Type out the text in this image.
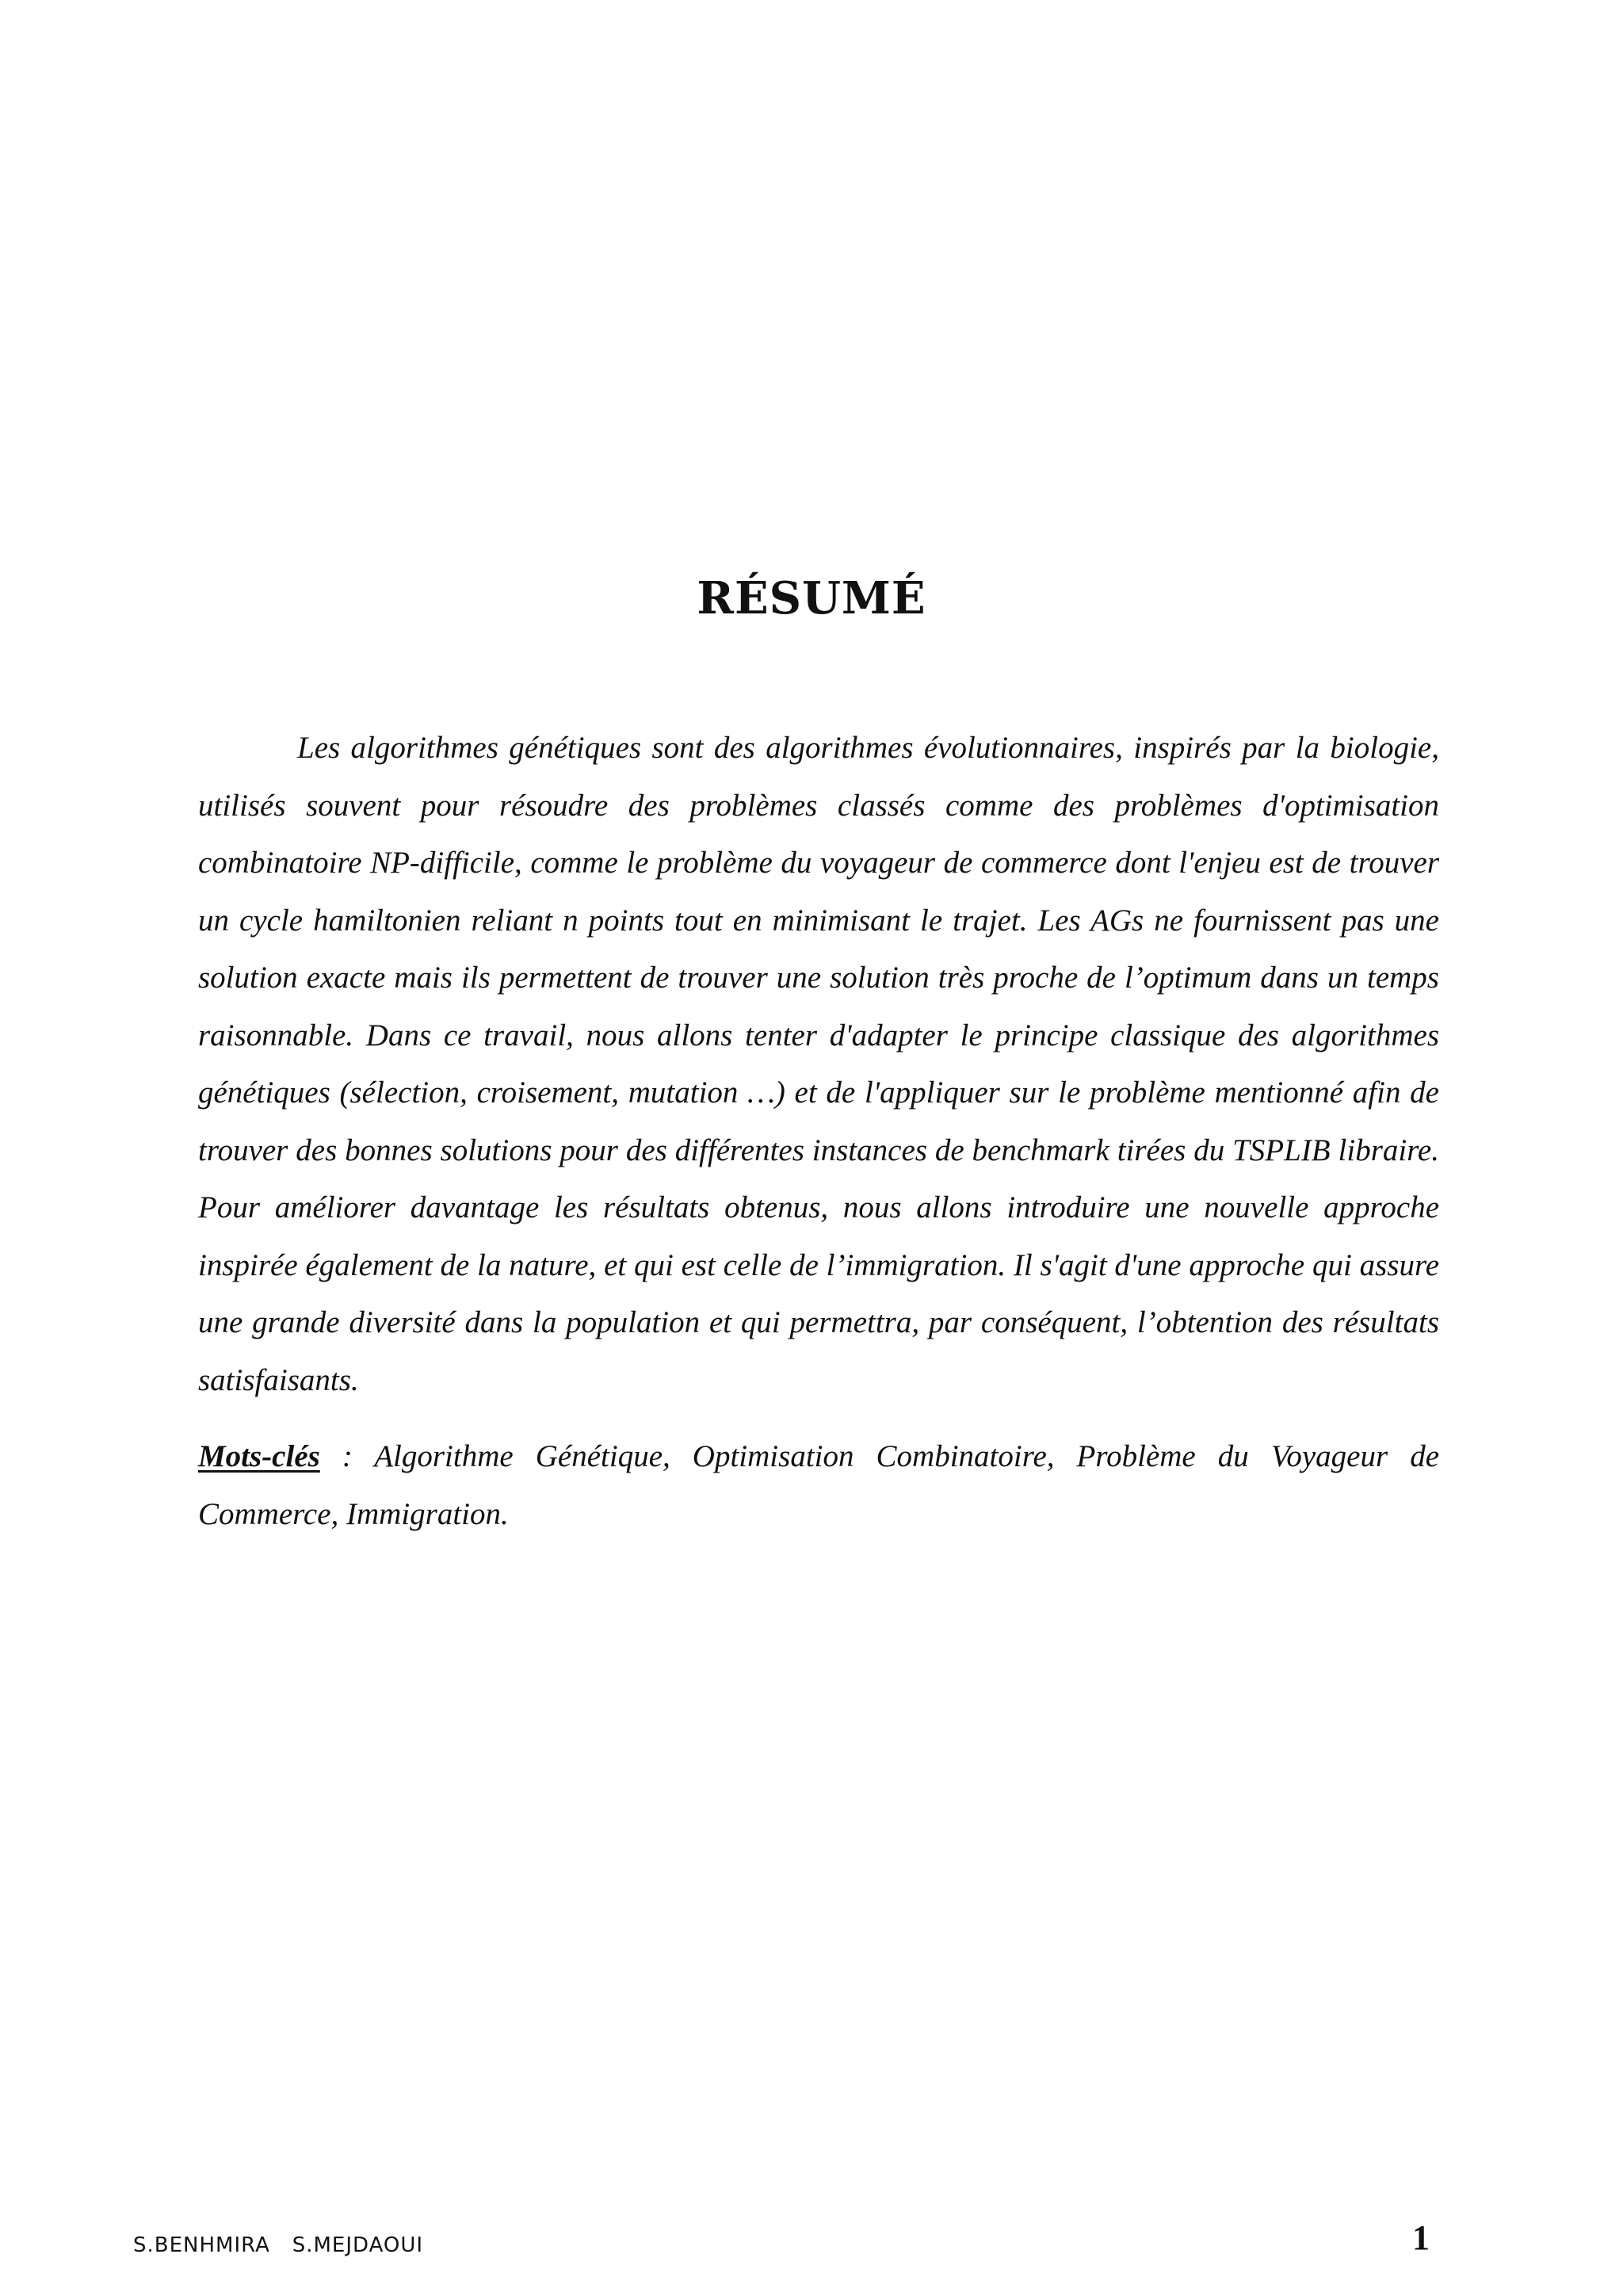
RÉSUMÉ

Les algorithmes génétiques sont des algorithmes évolutionnaires, inspirés par la biologie, utilisés souvent pour résoudre des problèmes classés comme des problèmes d'optimisation combinatoire NP-difficile, comme le problème du voyageur de commerce dont l'enjeu est de trouver un cycle hamiltonien reliant n points tout en minimisant le trajet. Les AGs ne fournissent pas une solution exacte mais ils permettent de trouver une solution très proche de l’optimum dans un temps raisonnable. Dans ce travail, nous allons tenter d'adapter le principe classique des algorithmes génétiques (sélection, croisement, mutation …) et de l'appliquer sur le problème mentionné afin de trouver des bonnes solutions pour des différentes instances de benchmark tirées du TSPLIB libraire. Pour améliorer davantage les résultats obtenus, nous allons introduire une nouvelle approche inspirée également de la nature, et qui est celle de l’immigration. Il s'agit d'une approche qui assure une grande diversité dans la population et qui permettra, par conséquent, l’obtention des résultats satisfaisants.

Mots-clés : Algorithme Génétique, Optimisation Combinatoire, Problème du Voyageur de Commerce, Immigration.

S.BENHMIRA   S.MEJDAOUI	1
